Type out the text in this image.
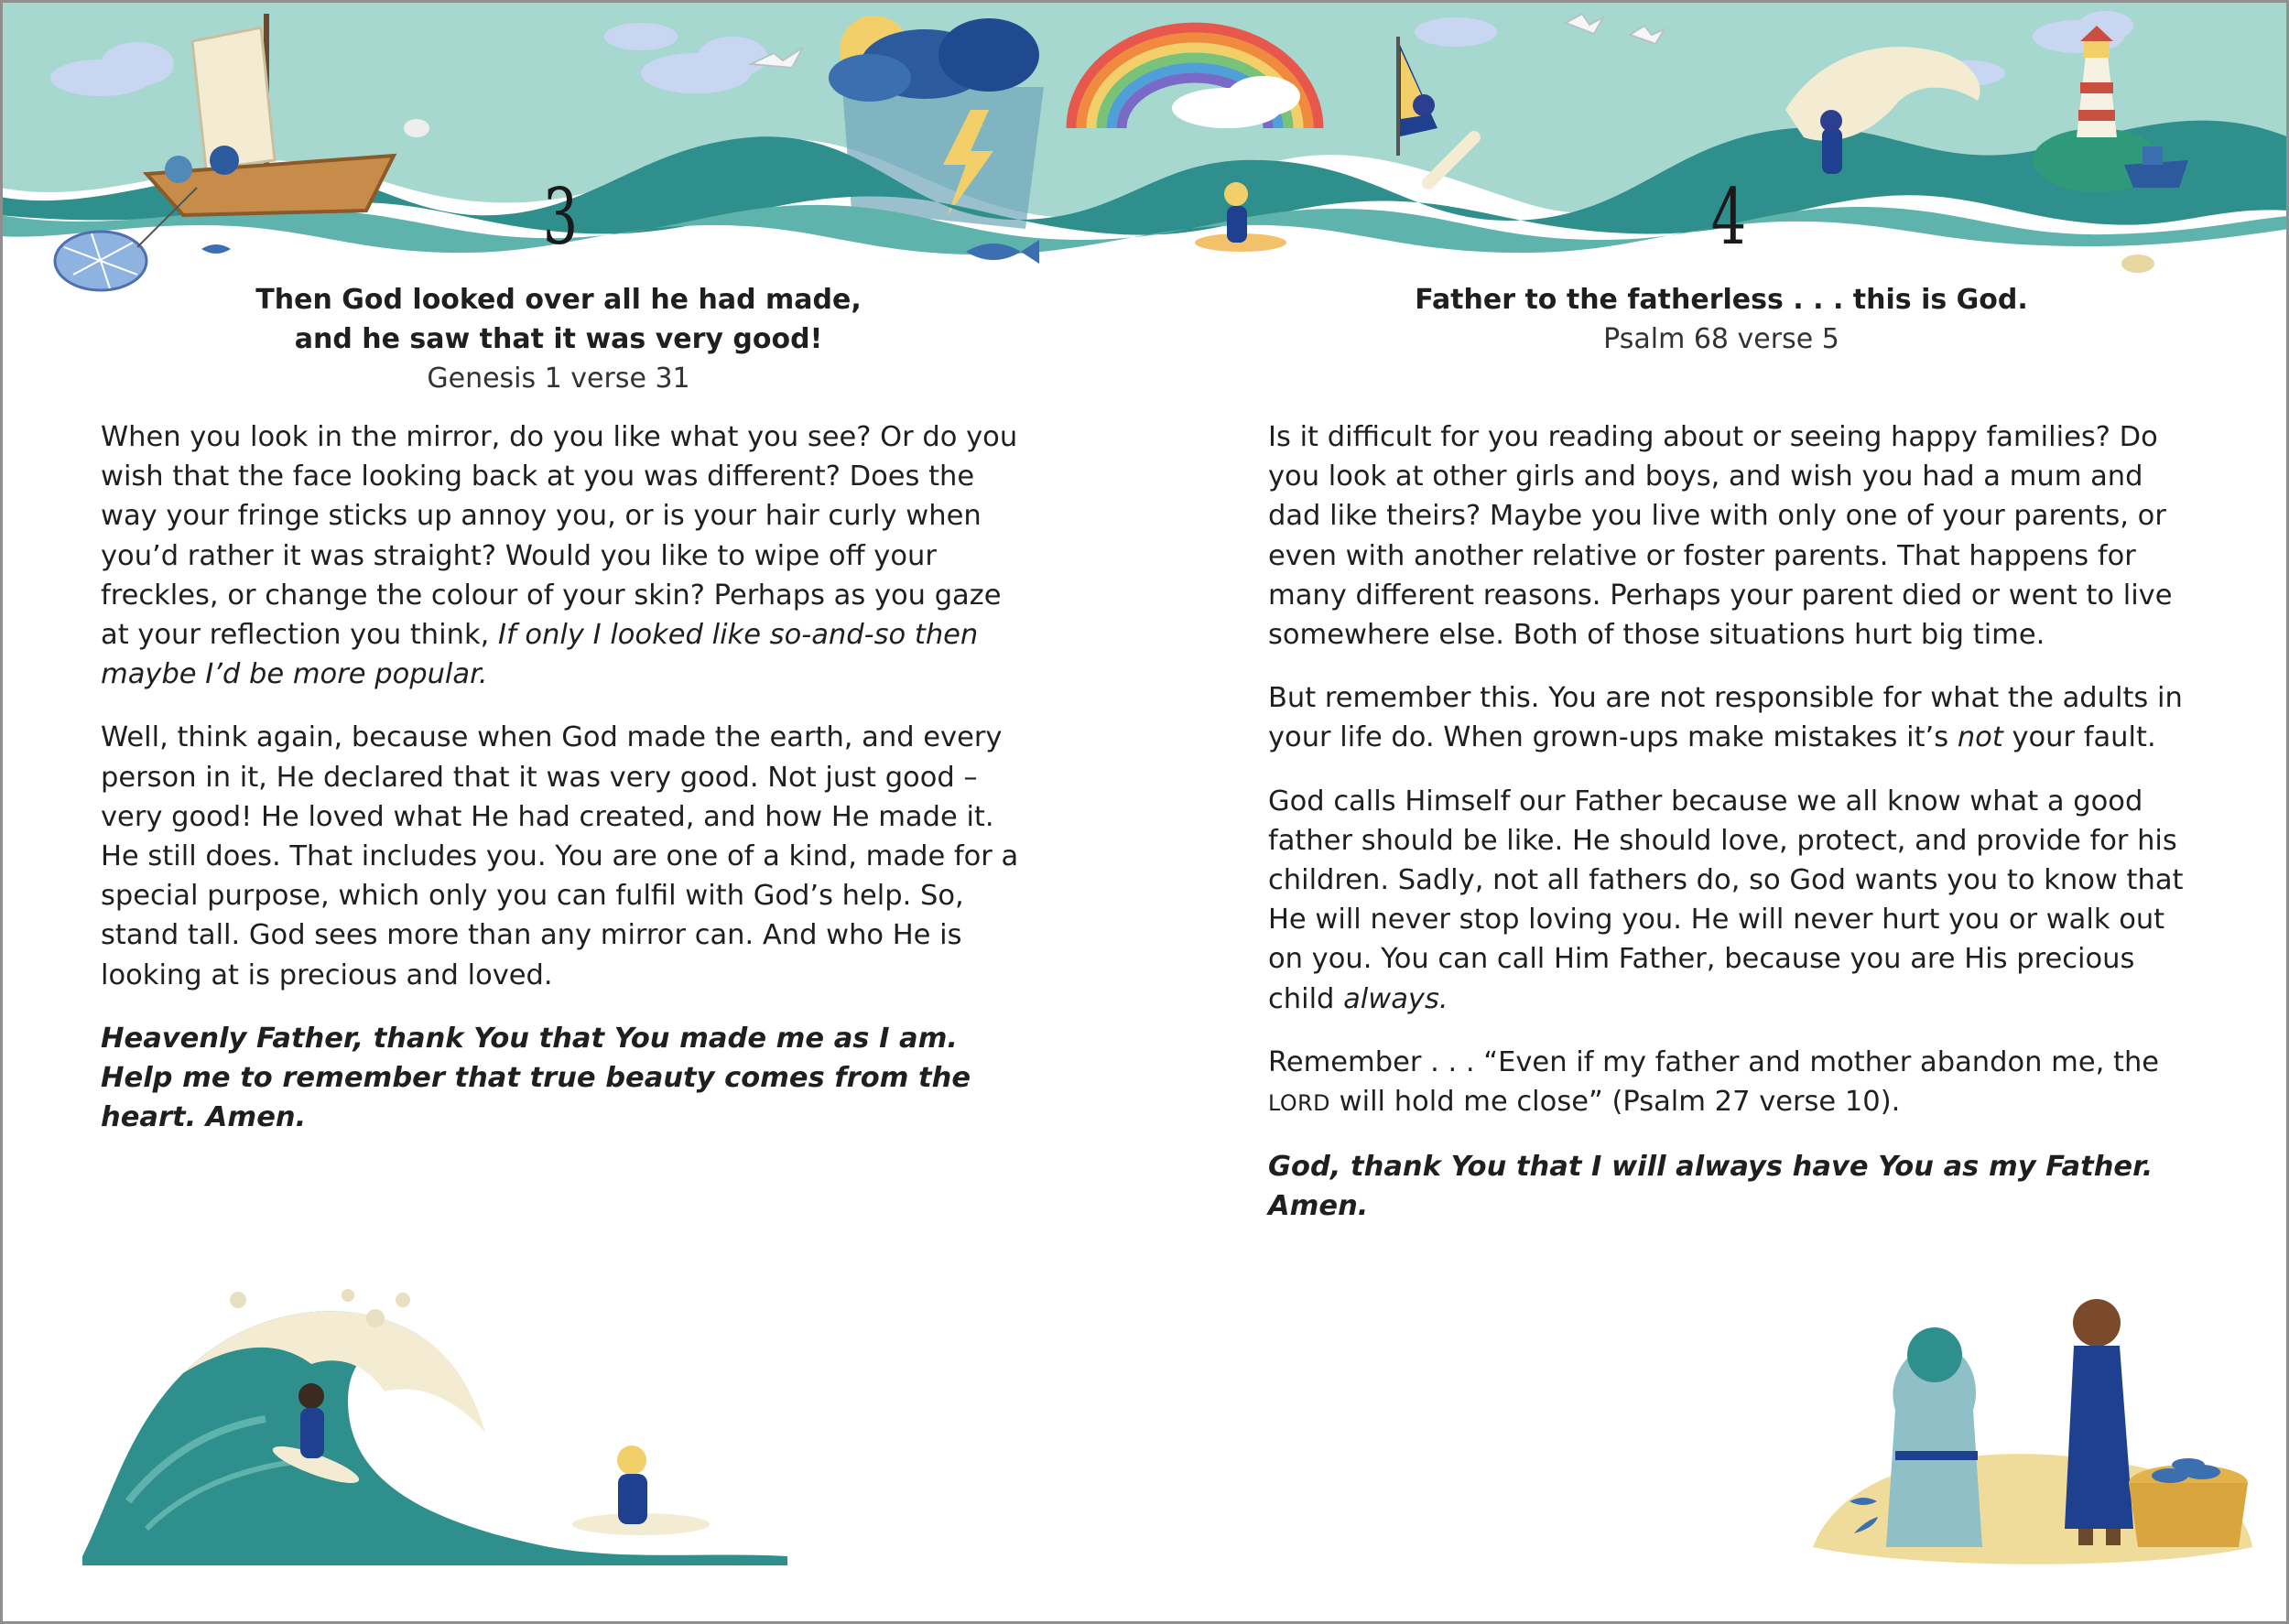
3
Then God looked over all he had made,
and he saw that it was very good!
Genesis 1 verse 31

When you look in the mirror, do you like what you see? Or do you wish that the face looking back at you was different? Does the way your fringe sticks up annoy you, or is your hair curly when you’d rather it was straight? Would you like to wipe off your freckles, or change the colour of your skin? Perhaps as you gaze at your reflection you think, If only I looked like so-and-so then maybe I’d be more popular.

Well, think again, because when God made the earth, and every person in it, He declared that it was very good. Not just good – very good! He loved what He had created, and how He made it. He still does. That includes you. You are one of a kind, made for a special purpose, which only you can fulfil with God’s help. So, stand tall. God sees more than any mirror can. And who He is looking at is precious and loved.

Heavenly Father, thank You that You made me as I am. Help me to remember that true beauty comes from the heart. Amen.

4
Father to the fatherless . . . this is God.
Psalm 68 verse 5

Is it difficult for you reading about or seeing happy families? Do you look at other girls and boys, and wish you had a mum and dad like theirs? Maybe you live with only one of your parents, or even with another relative or foster parents. That happens for many different reasons. Perhaps your parent died or went to live somewhere else. Both of those situations hurt big time.

But remember this. You are not responsible for what the adults in your life do. When grown-ups make mistakes it’s not your fault.

God calls Himself our Father because we all know what a good father should be like. He should love, protect, and provide for his children. Sadly, not all fathers do, so God wants you to know that He will never stop loving you. He will never hurt you or walk out on you. You can call Him Father, because you are His precious child always.

Remember . . . “Even if my father and mother abandon me, the LORD will hold me close” (Psalm 27 verse 10).

God, thank You that I will always have You as my Father. Amen.
